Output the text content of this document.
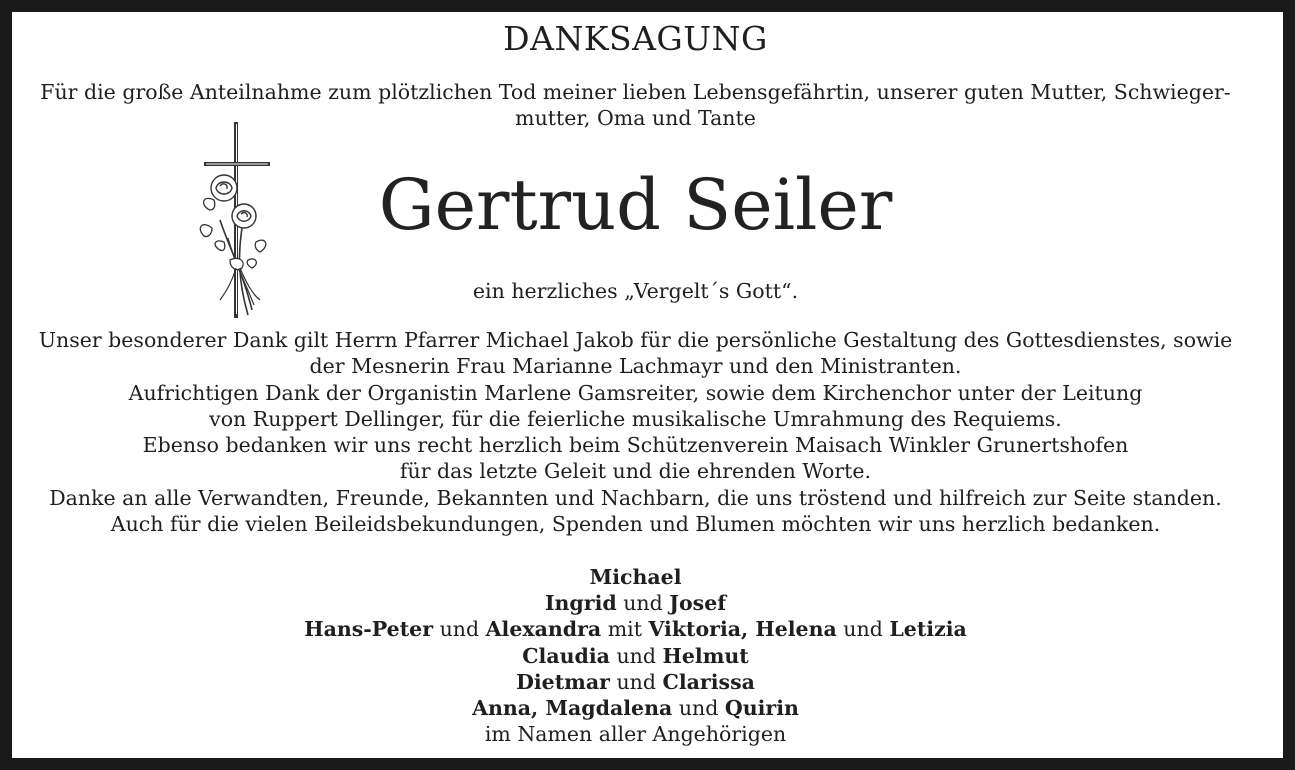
DANKSAGUNG
Für die große Anteilnahme zum plötzlichen Tod meiner lieben Lebensgefährtin, unserer guten Mutter, Schwieger-mutter, Oma und Tante
Gertrud Seiler
ein herzliches „Vergelt´s Gott“.
Unser besonderer Dank gilt Herrn Pfarrer Michael Jakob für die persönliche Gestaltung des Gottesdienstes, sowie
der Mesnerin Frau Marianne Lachmayr und den Ministranten.
Aufrichtigen Dank der Organistin Marlene Gamsreiter, sowie dem Kirchenchor unter der Leitung
von Ruppert Dellinger, für die feierliche musikalische Umrahmung des Requiems.
Ebenso bedanken wir uns recht herzlich beim Schützenverein Maisach Winkler Grunertshofen
für das letzte Geleit und die ehrenden Worte.
Danke an alle Verwandten, Freunde, Bekannten und Nachbarn, die uns tröstend und hilfreich zur Seite standen.
Auch für die vielen Beileidsbekundungen, Spenden und Blumen möchten wir uns herzlich bedanken.
Michael
Ingrid und Josef
Hans-Peter und Alexandra mit Viktoria, Helena und Letizia
Claudia und Helmut
Dietmar und Clarissa
Anna, Magdalena und Quirin
im Namen aller Angehörigen
